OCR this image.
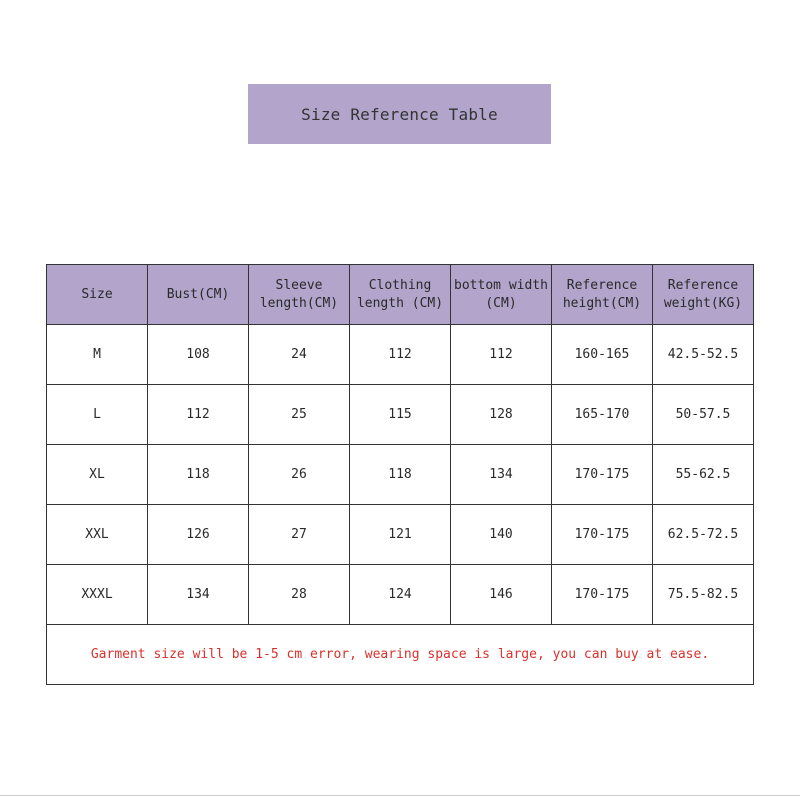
Size Reference Table
Size	Bust(CM)	Sleeve length(CM)	Clothing length (CM)	bottom width (CM)	Reference height(CM)	Reference weight(KG)
M	108	24	112	112	160-165	42.5-52.5
L	112	25	115	128	165-170	50-57.5
XL	118	26	118	134	170-175	55-62.5
XXL	126	27	121	140	170-175	62.5-72.5
XXXL	134	28	124	146	170-175	75.5-82.5
Garment size will be 1-5 cm error, wearing space is large, you can buy at ease.						
